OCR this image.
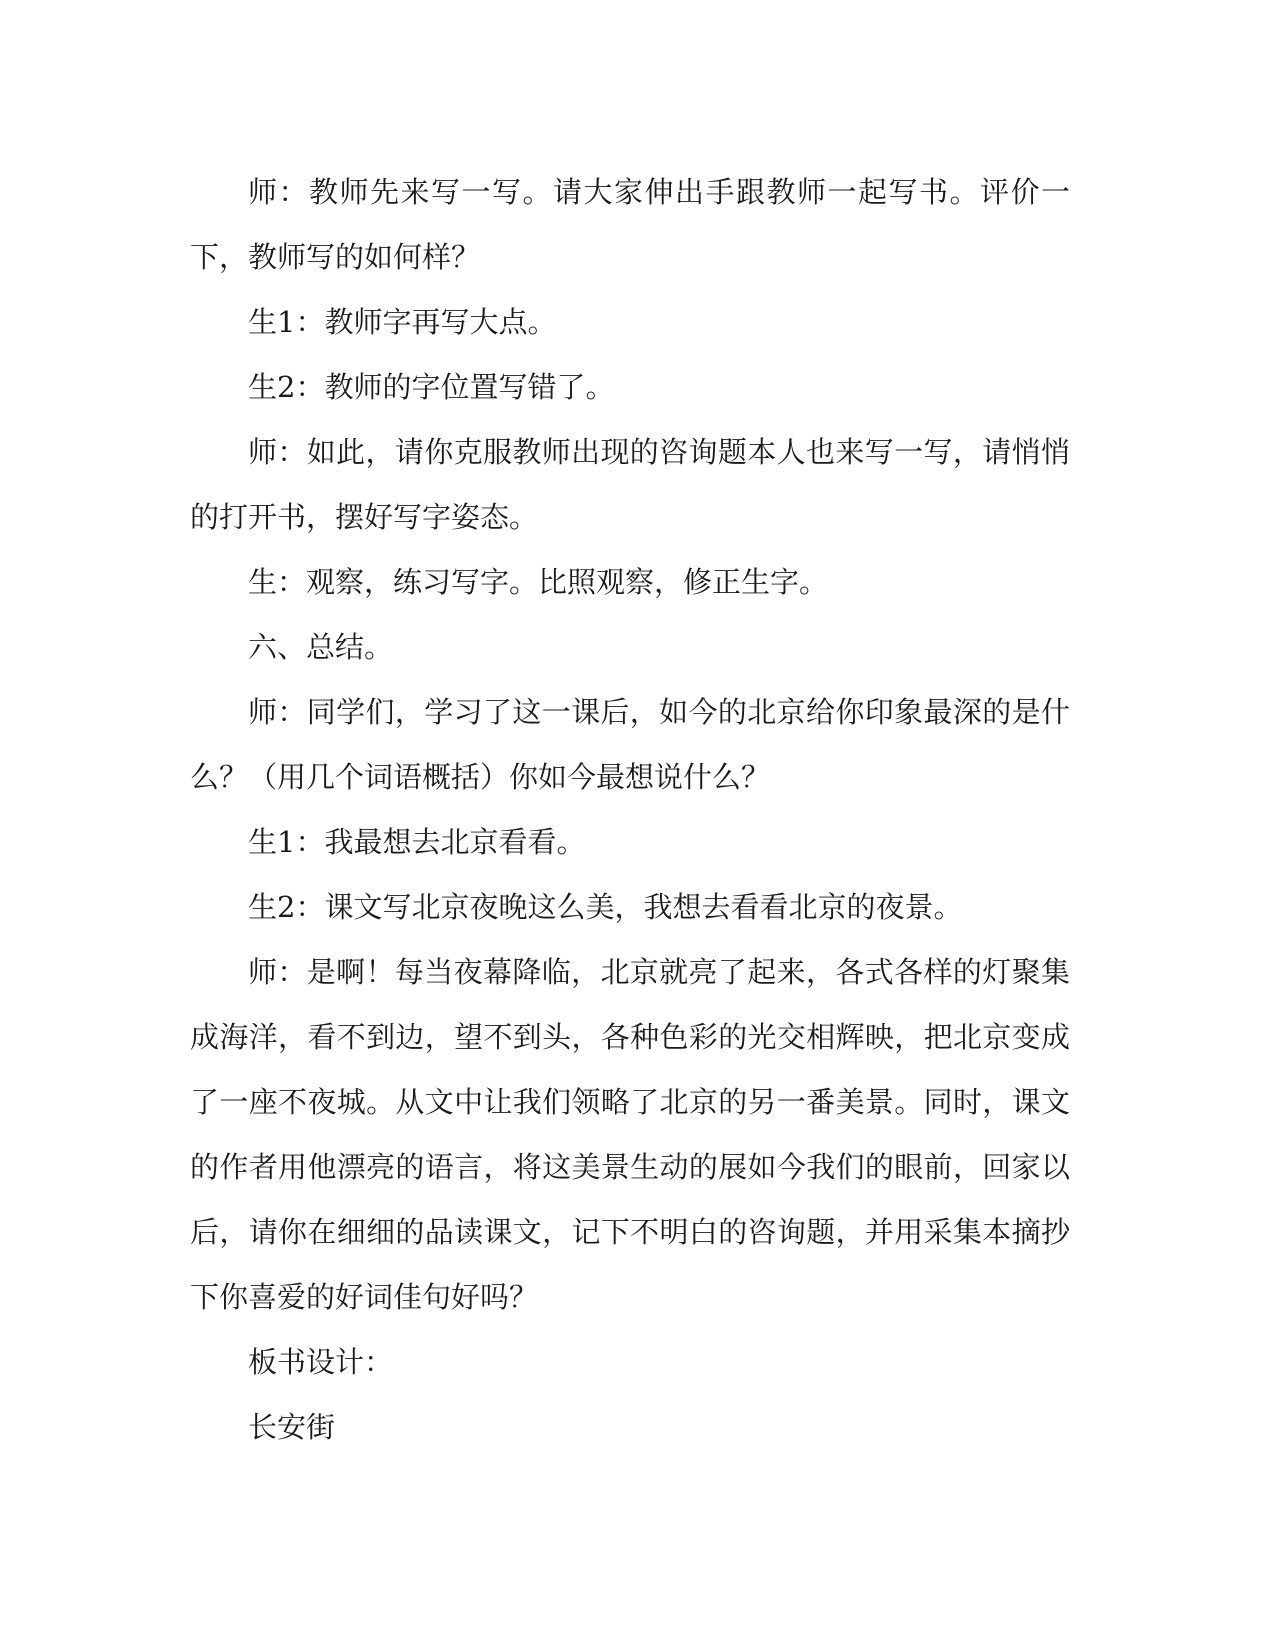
师：教师先来写一写。请大家伸出手跟教师一起写书。评价一下，教师写的如何样？

生1：教师字再写大点。

生2：教师的字位置写错了。

师：如此，请你克服教师出现的咨询题本人也来写一写，请悄悄的打开书，摆好写字姿态。

生：观察，练习写字。比照观察，修正生字。

六、总结。

师：同学们，学习了这一课后，如今的北京给你印象最深的是什么？（用几个词语概括）你如今最想说什么？

生1：我最想去北京看看。

生2：课文写北京夜晚这么美，我想去看看北京的夜景。

师：是啊！每当夜幕降临，北京就亮了起来，各式各样的灯聚集成海洋，看不到边，望不到头，各种色彩的光交相辉映，把北京变成了一座不夜城。从文中让我们领略了北京的另一番美景。同时，课文的作者用他漂亮的语言，将这美景生动的展如今我们的眼前，回家以后，请你在细细的品读课文，记下不明白的咨询题，并用采集本摘抄下你喜爱的好词佳句好吗？

板书设计：

长安街
